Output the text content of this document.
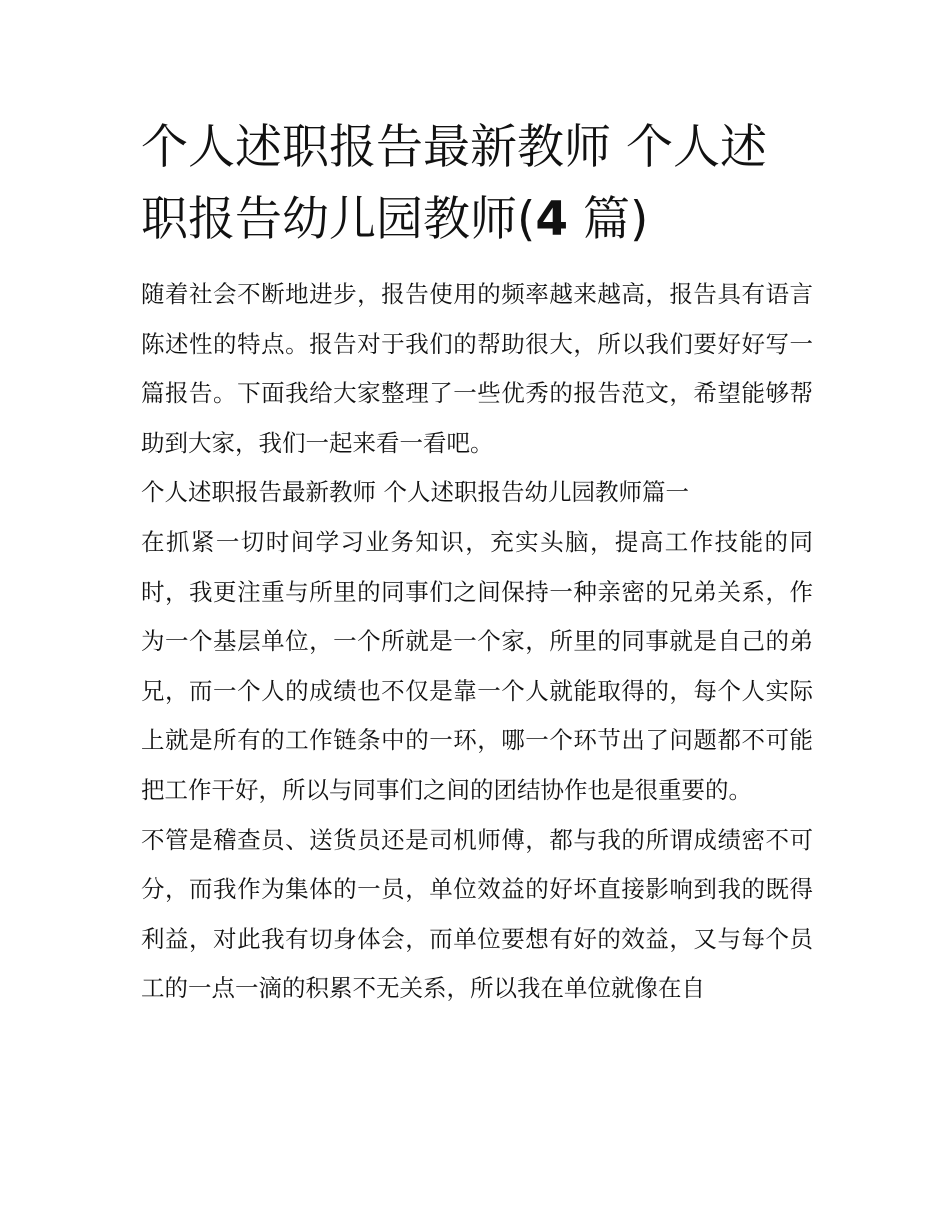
个人述职报告最新教师 个人述职报告幼儿园教师(4 篇)

随着社会不断地进步，报告使用的频率越来越高，报告具有语言陈述性的特点。报告对于我们的帮助很大，所以我们要好好写一篇报告。下面我给大家整理了一些优秀的报告范文，希望能够帮助到大家，我们一起来看一看吧。

个人述职报告最新教师 个人述职报告幼儿园教师篇一

在抓紧一切时间学习业务知识，充实头脑，提高工作技能的同时，我更注重与所里的同事们之间保持一种亲密的兄弟关系，作为一个基层单位，一个所就是一个家，所里的同事就是自己的弟兄，而一个人的成绩也不仅是靠一个人就能取得的，每个人实际上就是所有的工作链条中的一环，哪一个环节出了问题都不可能把工作干好，所以与同事们之间的团结协作也是很重要的。

不管是稽查员、送货员还是司机师傅，都与我的所谓成绩密不可分，而我作为集体的一员，单位效益的好坏直接影响到我的既得利益，对此我有切身体会，而单位要想有好的效益，又与每个员工的一点一滴的积累不无关系，所以我在单位就像在自
